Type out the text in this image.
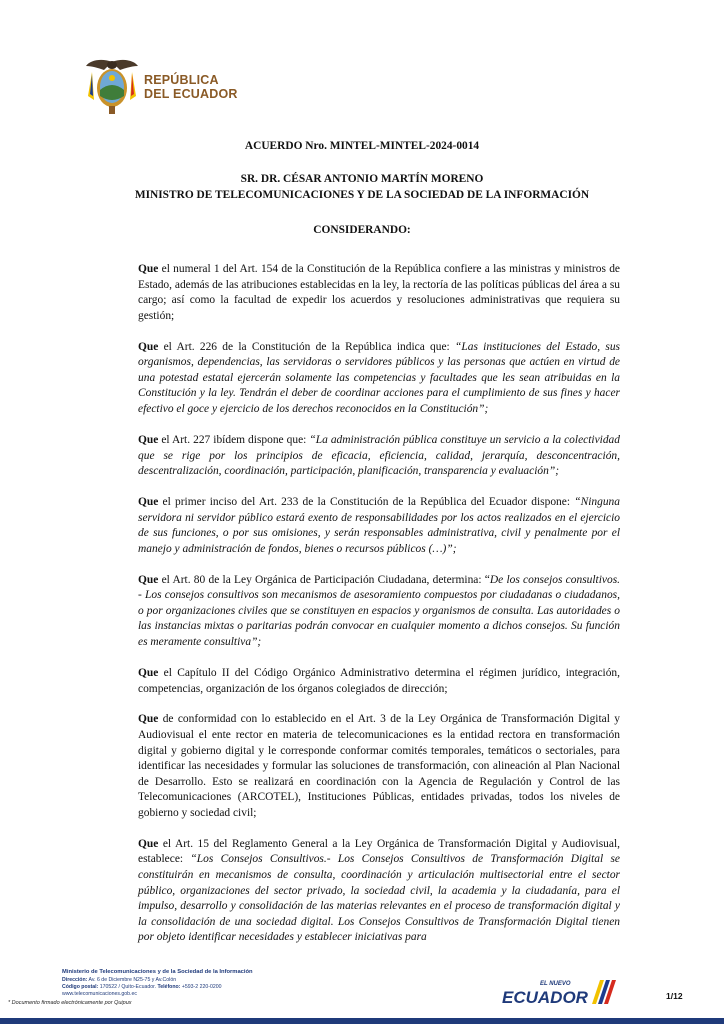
REPÚBLICA
DEL ECUADOR
ACUERDO Nro. MINTEL-MINTEL-2024-0014
SR. DR. CÉSAR ANTONIO MARTÍN MORENO
MINISTRO DE TELECOMUNICACIONES Y DE LA SOCIEDAD DE LA INFORMACIÓN
CONSIDERANDO:

Que el numeral 1 del Art. 154 de la Constitución de la República confiere a las ministras y ministros de Estado, además de las atribuciones establecidas en la ley, la rectoría de las políticas públicas del área a su cargo; así como la facultad de expedir los acuerdos y resoluciones administrativas que requiera su gestión;

Que el Art. 226 de la Constitución de la República indica que: “Las instituciones del Estado, sus organismos, dependencias, las servidoras o servidores públicos y las personas que actúen en virtud de una potestad estatal ejercerán solamente las competencias y facultades que les sean atribuidas en la Constitución y la ley. Tendrán el deber de coordinar acciones para el cumplimiento de sus fines y hacer efectivo el goce y ejercicio de los derechos reconocidos en la Constitución”;

Que el Art. 227 ibídem dispone que: “La administración pública constituye un servicio a la colectividad que se rige por los principios de eficacia, eficiencia, calidad, jerarquía, desconcentración, descentralización, coordinación, participación, planificación, transparencia y evaluación”;

Que el primer inciso del Art. 233 de la Constitución de la República del Ecuador dispone: “Ninguna servidora ni servidor público estará exento de responsabilidades por los actos realizados en el ejercicio de sus funciones, o por sus omisiones, y serán responsables administrativa, civil y penalmente por el manejo y administración de fondos, bienes o recursos públicos (…)”;

Que el Art. 80 de la Ley Orgánica de Participación Ciudadana, determina: “De los consejos consultivos. - Los consejos consultivos son mecanismos de asesoramiento compuestos por ciudadanas o ciudadanos, o por organizaciones civiles que se constituyen en espacios y organismos de consulta. Las autoridades o las instancias mixtas o paritarias podrán convocar en cualquier momento a dichos consejos. Su función es meramente consultiva”;

Que el Capítulo II del Código Orgánico Administrativo determina el régimen jurídico, integración, competencias, organización de los órganos colegiados de dirección;

Que de conformidad con lo establecido en el Art. 3 de la Ley Orgánica de Transformación Digital y Audiovisual el ente rector en materia de telecomunicaciones es la entidad rectora en transformación digital y gobierno digital y le corresponde conformar comités temporales, temáticos o sectoriales, para identificar las necesidades y formular las soluciones de transformación, con alineación al Plan Nacional de Desarrollo. Esto se realizará en coordinación con la Agencia de Regulación y Control de las Telecomunicaciones (ARCOTEL), Instituciones Públicas, entidades privadas, todos los niveles de gobierno y sociedad civil;

Que el Art. 15 del Reglamento General a la Ley Orgánica de Transformación Digital y Audiovisual, establece: “Los Consejos Consultivos.- Los Consejos Consultivos de Transformación Digital se constituirán en mecanismos de consulta, coordinación y articulación multisectorial entre el sector público, organizaciones del sector privado, la sociedad civil, la academia y la ciudadanía, para el impulso, desarrollo y consolidación de las materias relevantes en el proceso de transformación digital y la consolidación de una sociedad digital. Los Consejos Consultivos de Transformación Digital tienen por objeto identificar necesidades y establecer iniciativas para

Ministerio de Telecomunicaciones y de la Sociedad de la Información
Dirección: Av. 6 de Diciembre N25-75 y Av.Colón
Código postal: 170522 / Quito-Ecuador. Teléfono: +593-2 220-0200
www.telecomunicaciones.gob.ec
* Documento firmado electrónicamente por Quipux
EL NUEVO
ECUADOR	1/12
